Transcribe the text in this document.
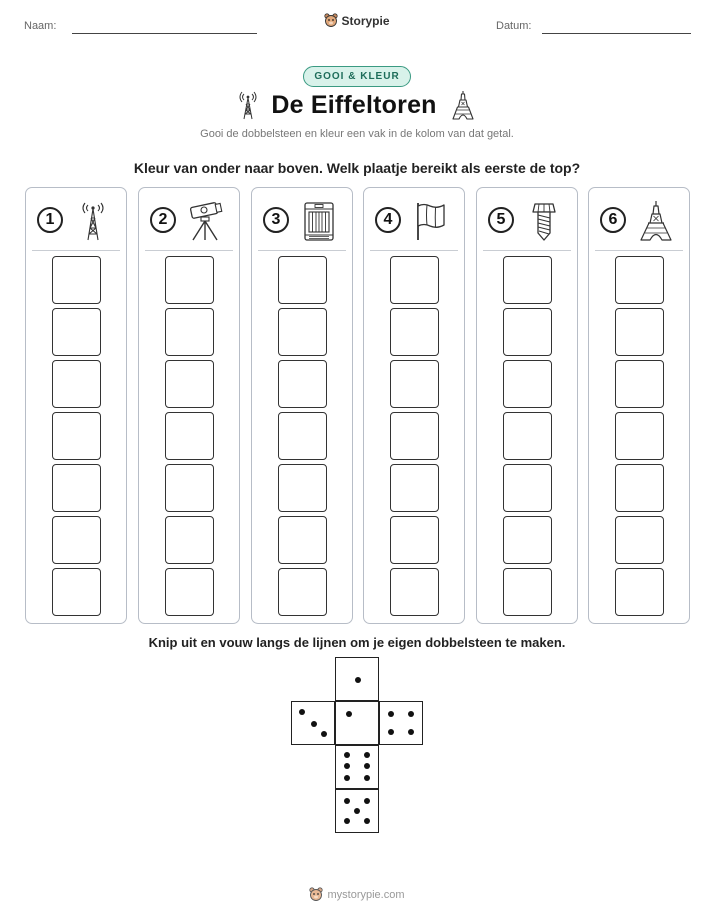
Naam:	Storypie	Datum:
GOOI & KLEUR
De Eiffeltoren
Gooi de dobbelsteen en kleur een vak in de kolom van dat getal.
Kleur van onder naar boven. Welk plaatje bereikt als eerste de top?
1	2	3	4	5	6
Knip uit en vouw langs de lijnen om je eigen dobbelsteen te maken.
mystorypie.com
